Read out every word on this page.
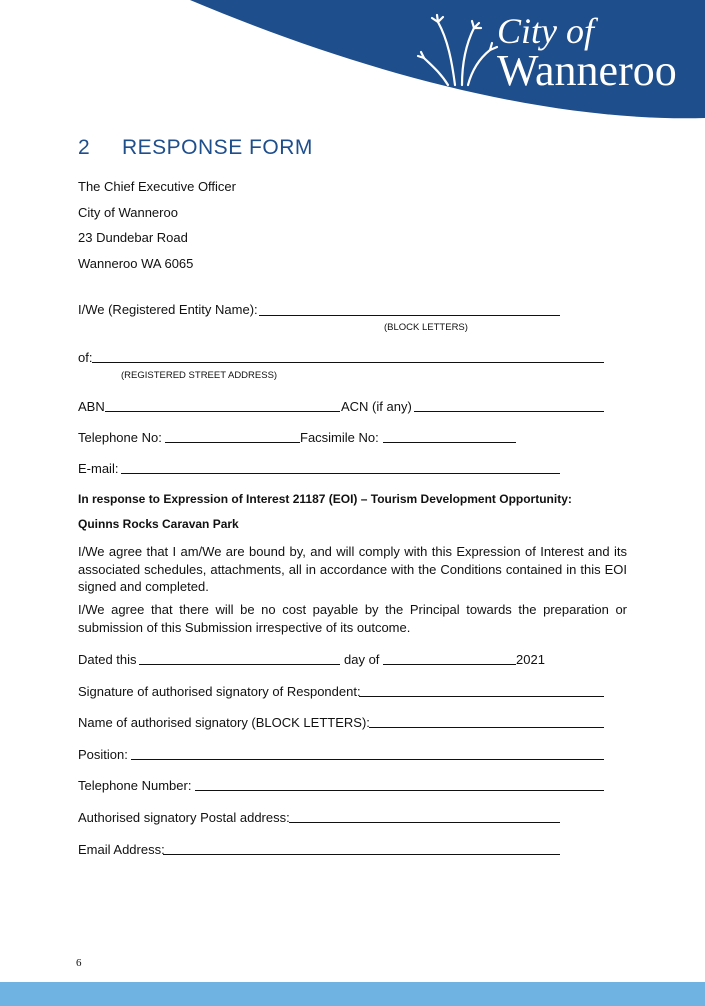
City of
Wanneroo
2 RESPONSE FORM
The Chief Executive Officer
City of Wanneroo
23 Dundebar Road
Wanneroo WA 6065
I/We (Registered Entity Name):
(BLOCK LETTERS)
of:
(REGISTERED STREET ADDRESS)
ABN	ACN (if any)
Telephone No:	Facsimile No:
E-mail:
In response to Expression of Interest 21187 (EOI) – Tourism Development Opportunity:
Quinns Rocks Caravan Park
I/We agree that I am/We are bound by, and will comply with this Expression of Interest and its associated schedules, attachments, all in accordance with the Conditions contained in this EOI signed and completed.
I/We agree that there will be no cost payable by the Principal towards the preparation or submission of this Submission irrespective of its outcome.
Dated this	day of	2021
Signature of authorised signatory of Respondent:
Name of authorised signatory (BLOCK LETTERS):
Position:
Telephone Number:
Authorised signatory Postal address:
Email Address:
6
